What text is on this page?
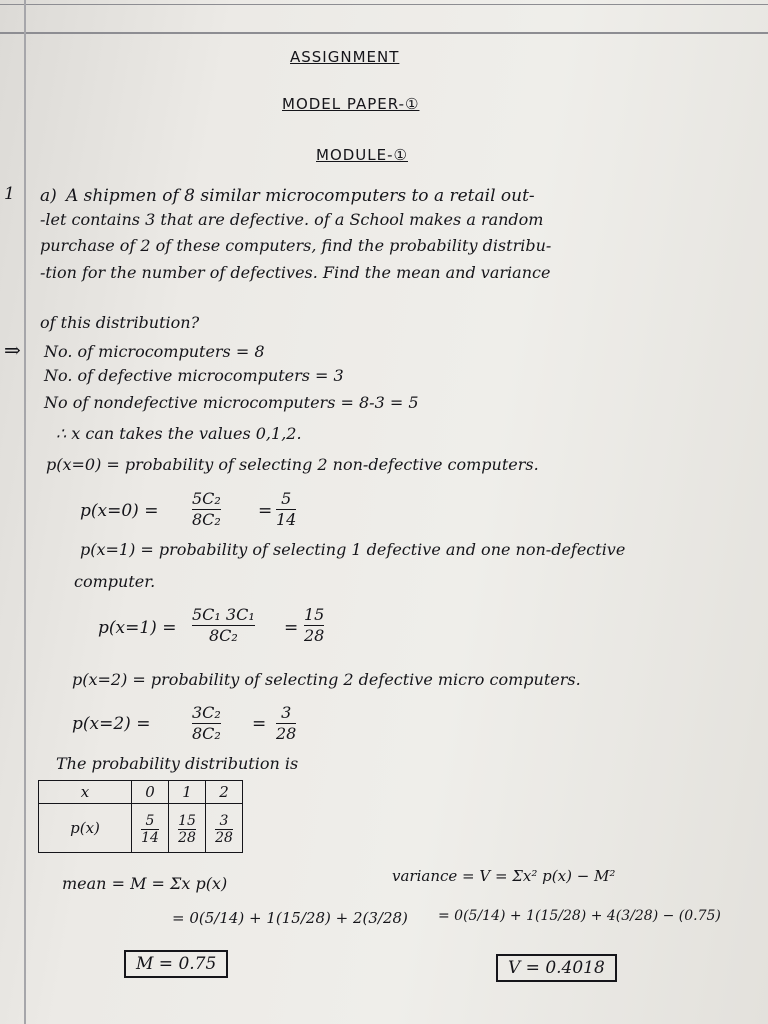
ASSIGNMENT
MODEL PAPER-①
MODULE-①
1 a) A shipmen of 8 similar microcomputers to a retail out-
-let contains 3 that are defective. of a School makes a random
purchase of 2 of these computers, find the probability distribu-
-tion for the number of defectives. Find the mean and variance
of this distribution?
⇒ No. of microcomputers = 8
No. of defective microcomputers = 3
No of nondefective microcomputers = 8-3 = 5
∴ x can takes the values 0,1,2.
p(x=0) = probability of selecting 2 non-defective computers.
p(x=0) =
5C₂
8C₂ =
5
14
p(x=1) = probability of selecting 1 defective and one non-defective
computer.
p(x=1) =
5C₁ 3C₁
8C₂	=
15
28
p(x=2) = probability of selecting 2 defective micro computers.
p(x=2) =
3C₂
8C₂ =
3
28
The probability distribution is
x	0	1	2
p(x)	$\frac{5}{14}$	$\frac{15}{28}$	$\frac{3}{28}$
mean = M = Σx p(x)
= 0(5/14) + 1(15/28) + 2(3/28)
M = 0.75
variance = V = Σx² p(x) − M²
= 0(5/14) + 1(15/28) + 4(3/28) − (0.75)
V = 0.4018
